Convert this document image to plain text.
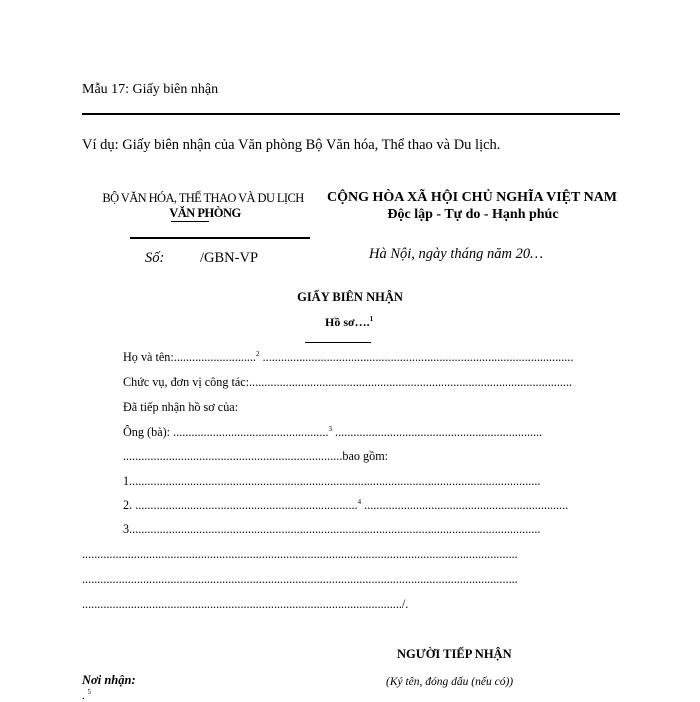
Mẫu 17: Giấy biên nhận
Ví dụ: Giấy biên nhận của Văn phòng Bộ Văn hóa, Thể thao và Du lịch.
BỘ VĂN HÓA, THỂ THAO VÀ DU LỊCH
VĂN PHÒNG
Số: /GBN-VP
CỘNG HÒA XÃ HỘI CHỦ NGHĨA VIỆT NAM
Độc lập - Tự do - Hạnh phúc
Hà Nội, ngày tháng năm 20…
GIẤY BIÊN NHẬN
Hồ sơ….$^1$
Họ và tên:...........................$^2$ ......................................................................................................
Chức vụ, đơn vị công tác:..........................................................................................................
Đã tiếp nhận hồ sơ của:
Ông (bà): ...................................................$^3$ ....................................................................
........................................................................bao gồm:
1.......................................................................................................................................
2. .........................................................................$^4$ ...................................................................
3.......................................................................................................................................
...............................................................................................................................................
...............................................................................................................................................
........................................................................................................./.
NGƯỜI TIẾP NHẬN
(Ký tên, đóng dấu (nếu có))
Nơi nhận:
. $^5$
